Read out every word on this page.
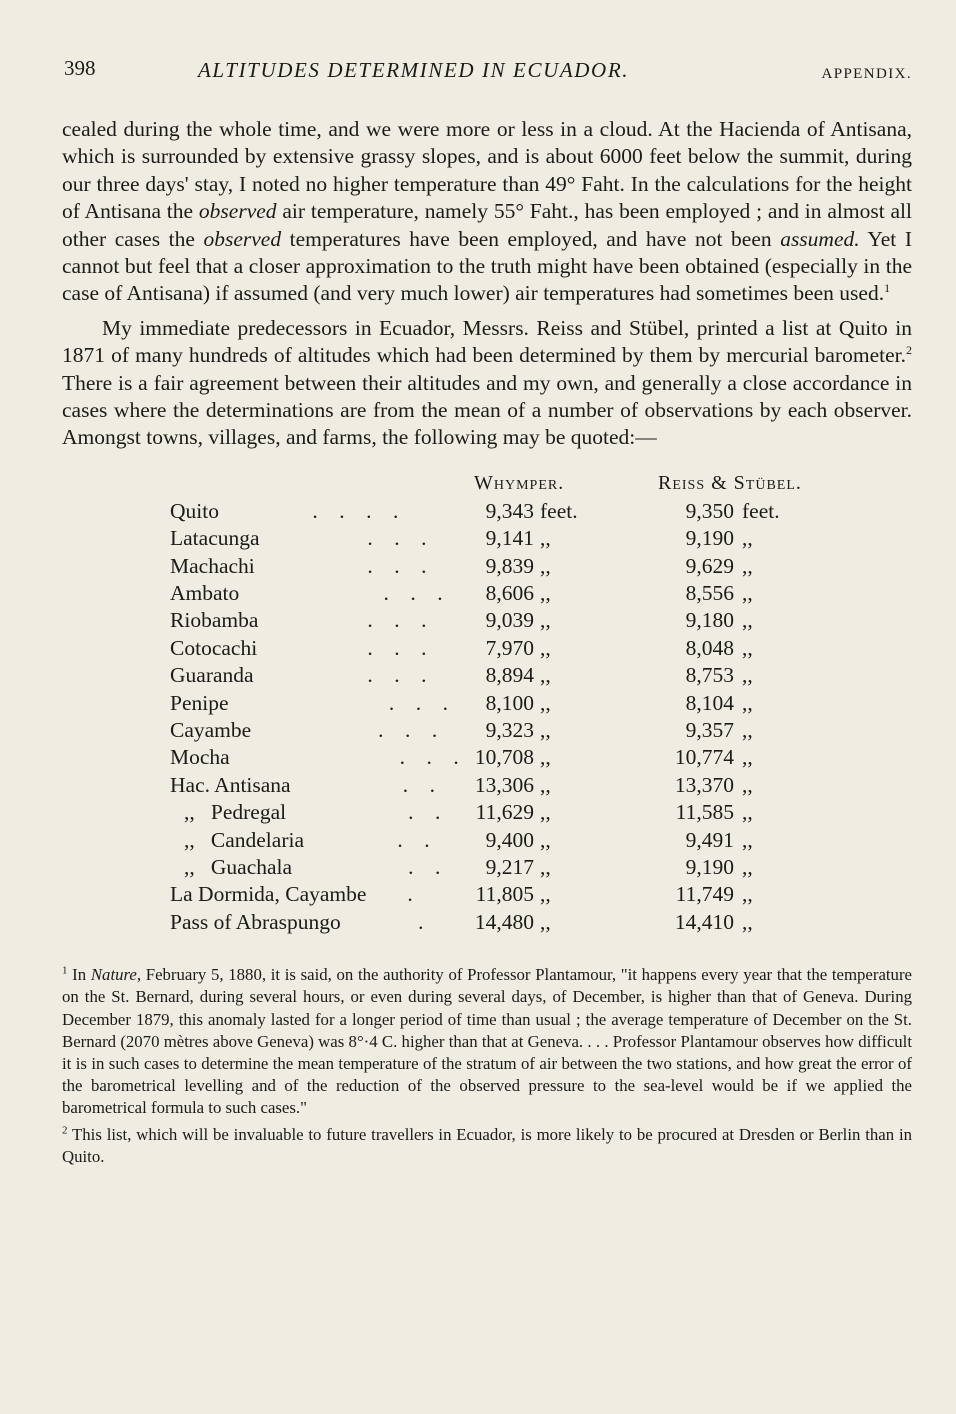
398	ALTITUDES DETERMINED IN ECUADOR.	APPENDIX.

cealed during the whole time, and we were more or less in a cloud. At the Hacienda of Antisana, which is surrounded by extensive grassy slopes, and is about 6000 feet below the summit, during our three days' stay, I noted no higher temperature than 49° Faht. In the calculations for the height of Antisana the observed air temperature, namely 55° Faht., has been employed ; and in almost all other cases the observed temperatures have been employed, and have not been assumed. Yet I cannot but feel that a closer approximation to the truth might have been obtained (especially in the case of Antisana) if assumed (and very much lower) air temperatures had sometimes been used.$^1$

My immediate predecessors in Ecuador, Messrs. Reiss and Stübel, printed a list at Quito in 1871 of many hundreds of altitudes which had been determined by them by mercurial barometer.$^2$ There is a fair agreement between their altitudes and my own, and generally a close accordance in cases where the determinations are from the mean of a number of observations by each observer. Amongst towns, villages, and farms, the following may be quoted:—

Whymper.	Reiss & Stübel.
Quito	.    .    .    .	9,343 feet.	9,350 feet.
Latacunga	.    .    .	9,141 ,,	9,190 ,,
Machachi	.    .    .	9,839 ,,	9,629 ,,
Ambato	.    .    .	8,606 ,,	8,556 ,,
Riobamba	.    .    .	9,039 ,,	9,180 ,,
Cotocachi	.    .    .	7,970 ,,	8,048 ,,
Guaranda	.    .    .	8,894 ,,	8,753 ,,
Penipe	.    .    .	8,100 ,,	8,104 ,,
Cayambe	.    .    .	9,323 ,,	9,357 ,,
Mocha	.    .    . 10,708 ,,	10,774 ,,
Hac. Antisana	.    . 13,306 ,,	13,370 ,,
,,   Pedregal	.    . 11,629 ,,	11,585 ,,
,,   Candelaria	.    .	9,400 ,,	9,491 ,,
,,   Guachala	.    .	9,217 ,,	9,190 ,,
La Dormida, Cayambe .	11,805 ,,	11,749 ,,
Pass of Abraspungo	. 14,480 ,,	14,410 ,,

$^1$ In Nature, February 5, 1880, it is said, on the authority of Professor Plantamour, "it happens every year that the temperature on the St. Bernard, during several hours, or even during several days, of December, is higher than that of Geneva. During December 1879, this anomaly lasted for a longer period of time than usual ; the average temperature of December on the St. Bernard (2070 mètres above Geneva) was 8°·4 C. higher than that at Geneva. . . . Professor Plantamour observes how difficult it is in such cases to determine the mean temperature of the stratum of air between the two stations, and how great the error of the barometrical levelling and of the reduction of the observed pressure to the sea-level would be if we applied the barometrical formula to such cases."

$^2$ This list, which will be invaluable to future travellers in Ecuador, is more likely to be procured at Dresden or Berlin than in Quito.
